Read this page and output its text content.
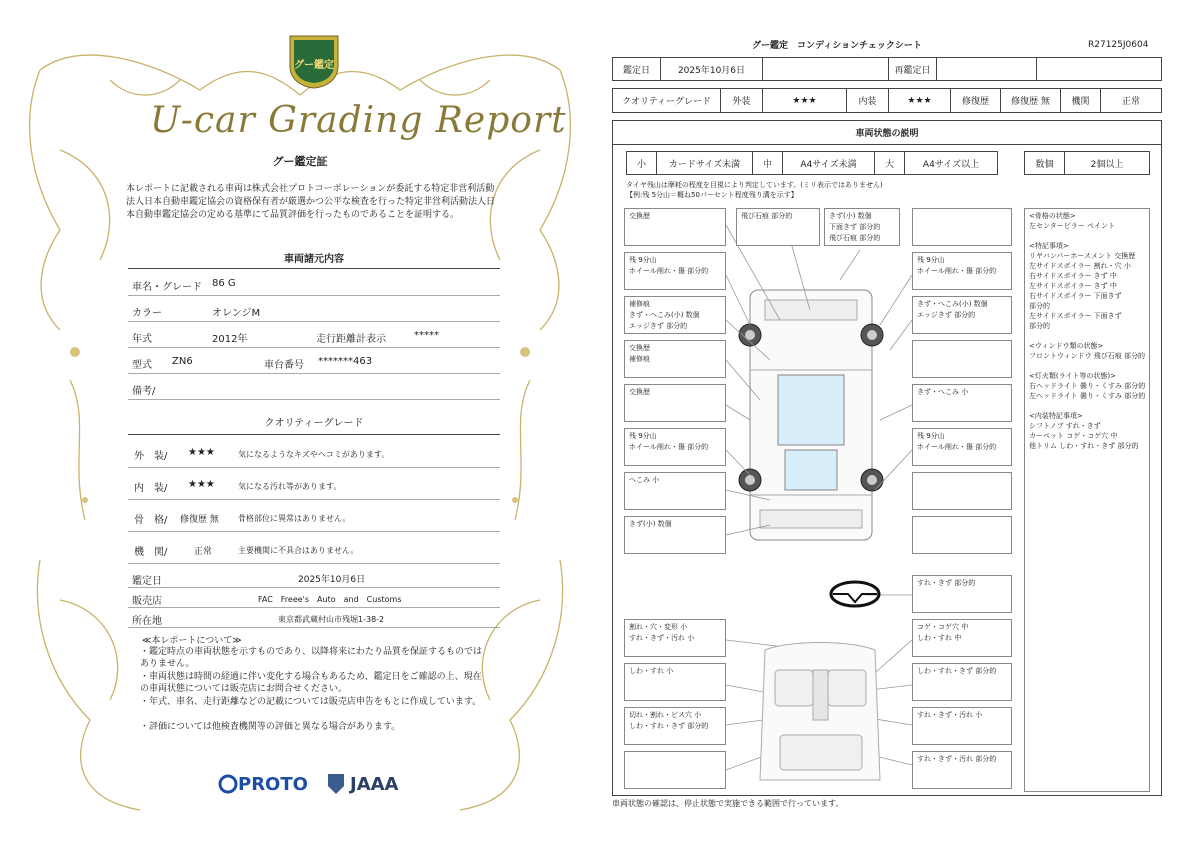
グー鑑定
U-car Grading Report
グー鑑定証
本レポートに記載される車両は株式会社プロトコーポレーションが委託する特定非営利活動法人日本自動車鑑定協会の資格保有者が厳選かつ公平な検査を行った特定非営利活動法人日本自動車鑑定協会の定める基準にて品質評価を行ったものであることを証明する。
車両諸元内容
車名・グレード 86 G
カラー	オレンジM
年式	2012年	走行距離計表示	*****
型式 ZN6	車台番号 *******463
備考/
クオリティーグレード
外　装/ ★★★	気になるようなキズやヘコミがあります。
内　装/ ★★★	気になる汚れ等があります。
骨　格/ 修復歴 無 骨格部位に異常はありません。
機　関/	正常	主要機関に不具合はありません。
鑑定日	2025年10月6日
販売店	FAC　Freee's　Auto　and　Customs
所在地	東京都武蔵村山市残堀1-38-2
≪本レポートについて≫
・鑑定時点の車両状態を示すものであり、以降将来にわたり品質を保証するものではありません。
・車両状態は時間の経過に伴い変化する場合もあるため、鑑定日をご確認の上、現在の車両状態については販売店にお問合せください。
・年式、車名、走行距離などの記載については販売店申告をもとに作成しています。
・評価については他検査機関等の評価と異なる場合があります。
PROTO JAAA
グー鑑定　コンディションチェックシート	R27125J0604
鑑定日	2025年10月6日	再鑑定日
クオリティーグレード	外装	★★★	内装	★★★	修復歴	修復歴 無	機関	正常
車両状態の説明
小	カードサイズ未満	中	A4サイズ未満	大	A4サイズ以上	数個	2個以上
タイヤ残山は摩耗の程度を目視により判定しています。(ミリ表示ではありません)
【例:残 5分山＝概ね50パーセント程度残り溝を示す】
交換歴
残 9分山
ホイール削れ・傷 部分的
補修痕
きず・へこみ(小) 数個
エッジきず 部分的
交換歴
補修痕
交換歴
残 9分山
ホイール削れ・傷 部分的
へこみ 小
きず(小) 数個
飛び石痕 部分的	きず(小) 数個
下面きず 部分的
飛び石痕 部分的
残 9分山
ホイール削れ・傷 部分的
きず・へこみ(小) 数個
エッジきず 部分的
きず・へこみ 小
残 9分山
ホイール削れ・傷 部分的
割れ・穴・変形 小
すれ・きず・汚れ 小
しわ・すれ 小
切れ・割れ・ビス穴 小
しわ・すれ・きず 部分的
すれ・きず 部分的
コゲ・コゲ穴 中
しわ・すれ 中
しわ・すれ・きず 部分的
すれ・きず・汚れ 小
すれ・きず・汚れ 部分的
<骨格の状態>
左センターピラー ペイント

<特記事項>
リヤバンパーホースメント 交換歴
左サイドスポイラー 割れ・穴 小
右サイドスポイラー きず 中
左サイドスポイラー きず 中
右サイドスポイラー 下面きず
部分的
左サイドスポイラー 下面きず
部分的

<ウィンドウ類の状態>
フロントウィンドウ 飛び石痕 部分的

<灯火類(ライト等の状態)>
右ヘッドライト 曇り・くすみ 部分的
左ヘッドライト 曇り・くすみ 部分的

<内装特記事項>
シフトノブ すれ・きず
カーペット コゲ・コゲ穴 中
他トリム しわ・すれ・きず 部分的
車両状態の確認は、停止状態で実施できる範囲で行っています。
